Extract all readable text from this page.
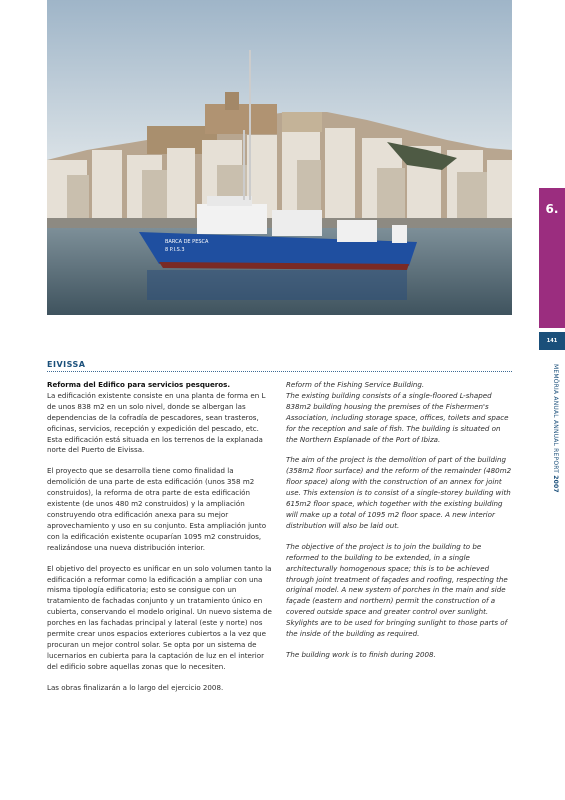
BARCA DE PESCA
8 P.I.S.3
6.
141
MEMÒRIA ANUAL ANNUAL REPORT 2007
EIVISSA

Reforma del Edifico para servicios pesqueros.

La edificación existente consiste en una planta de forma en L de unos 838 m2 en un solo nivel, donde se albergan las dependencias de la cofradía de pescadores, sean trasteros, oficinas, servicios, recepción y expedición del pescado, etc. Esta edificación está situada en los terrenos de la explanada norte del Puerto de Eivissa.

El proyecto que se desarrolla tiene como finalidad la demolición de una parte de esta edificación (unos 358 m2 construidos), la reforma de otra parte de esta edificación existente (de unos 480 m2 construidos) y la ampliación construyendo otra edificación anexa para su mejor aprovechamiento y uso en su conjunto. Esta ampliación junto con la edificación existente ocuparían 1095 m2 construidos, realizándose una nueva distribución interior.

El objetivo del proyecto es unificar en un solo volumen tanto la edificación a reformar como la edificación a ampliar con una misma tipología edificatoria; esto se consigue con un tratamiento de fachadas conjunto y un tratamiento único en cubierta, conservando el modelo original. Un nuevo sistema de porches en las fachadas principal y lateral (este y norte) nos permite crear unos espacios exteriores cubiertos a la vez que procuran un mejor control solar. Se opta por un sistema de lucernarios en cubierta para la captación de luz en el interior del edificio sobre aquellas zonas que lo necesiten.

Las obras finalizarán a lo largo del ejercicio 2008.

Reform of the Fishing Service Building.

The existing building consists of a single-floored L-shaped 838m2 building housing the premises of the Fishermen's Association, including storage space, offices, toilets and space for the reception and sale of fish. The building is situated on the Northern Esplanade of the Port of Ibiza.

The aim of the project is the demolition of part of the building (358m2 floor surface) and the reform of the remainder (480m2 floor space) along with the construction of an annex for joint use. This extension is to consist of a single-storey building with 615m2 floor space, which together with the existing building will make up a total of 1095 m2 floor space. A new interior distribution will also be laid out.

The objective of the project is to join the building to be reformed to the building to be extended, in a single architecturally homogenous space; this is to be achieved through joint treatment of façades and roofing, respecting the original model. A new system of porches in the main and side façade (eastern and northern) permit the construction of a covered outside space and greater control over sunlight. Skylights are to be used for bringing sunlight to those parts of the inside of the building as required.

The building work is to finish during 2008.
